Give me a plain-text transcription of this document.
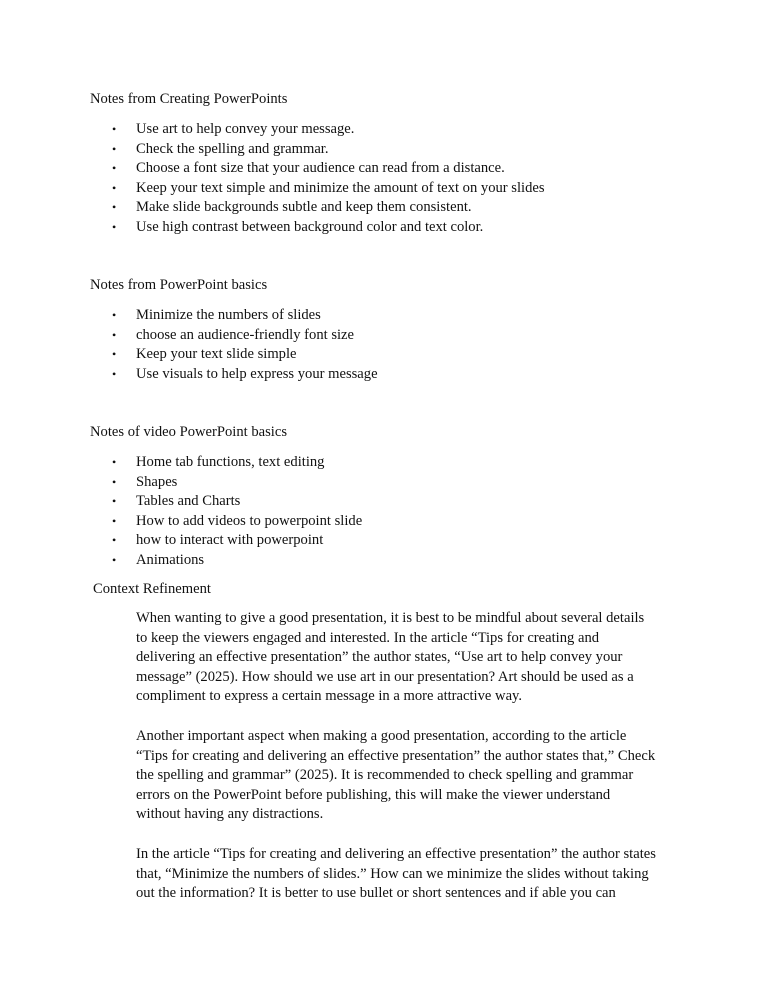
Notes from Creating PowerPoints

• Use art to help convey your message.
• Check the spelling and grammar.
• Choose a font size that your audience can read from a distance.
• Keep your text simple and minimize the amount of text on your slides
• Make slide backgrounds subtle and keep them consistent.
• Use high contrast between background color and text color.

Notes from PowerPoint basics

• Minimize the numbers of slides
• choose an audience-friendly font size
• Keep your text slide simple
• Use visuals to help express your message

Notes of video PowerPoint basics

• Home tab functions, text editing
• Shapes
• Tables and Charts
• How to add videos to powerpoint slide
• how to interact with powerpoint
• Animations

Context Refinement

When wanting to give a good presentation, it is best to be mindful about several details to keep the viewers engaged and interested. In the article “Tips for creating and delivering an effective presentation” the author states, “Use art to help convey your message” (2025). How should we use art in our presentation? Art should be used as a compliment to express a certain message in a more attractive way.

Another important aspect when making a good presentation, according to the article “Tips for creating and delivering an effective presentation” the author states that,” Check the spelling and grammar” (2025). It is recommended to check spelling and grammar errors on the PowerPoint before publishing, this will make the viewer understand without having any distractions.

In the article “Tips for creating and delivering an effective presentation” the author states that, “Minimize the numbers of slides.” How can we minimize the slides without taking out the information? It is better to use bullet or short sentences and if able you can
